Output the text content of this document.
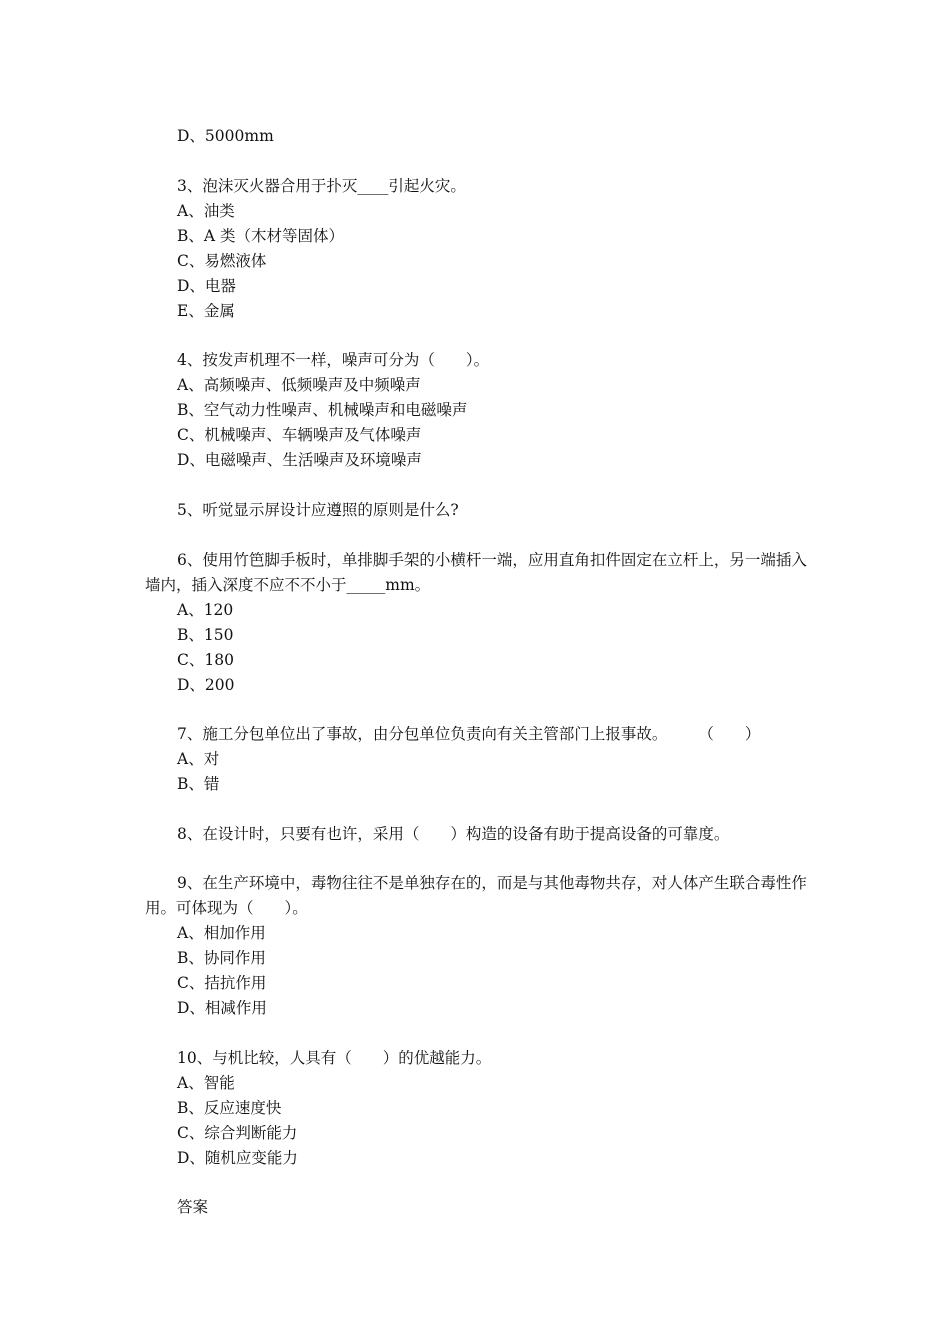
D、5000mm
3、泡沫灭火器合用于扑灭____引起火灾。
A、油类
B、A 类（木材等固体）
C、易燃液体
D、电器
E、金属
4、按发声机理不一样，噪声可分为（　　）。
A、高频噪声、低频噪声及中频噪声
B、空气动力性噪声、机械噪声和电磁噪声
C、机械噪声、车辆噪声及气体噪声
D、电磁噪声、生活噪声及环境噪声
5、听觉显示屏设计应遵照的原则是什么?
6、使用竹笆脚手板时，单排脚手架的小横杆一端，应用直角扣件固定在立杆上，另一端插入墙内，插入深度不应不不小于_____mm。
A、120
B、150
C、180
D、200
7、施工分包单位出了事故，由分包单位负责向有关主管部门上报事故。　　　（　　）
A、对
B、错
8、在设计时，只要有也许，采用（　　）构造的设备有助于提高设备的可靠度。
9、在生产环境中，毒物往往不是单独存在的，而是与其他毒物共存，对人体产生联合毒性作用。可体现为（　　）。
A、相加作用
B、协同作用
C、拮抗作用
D、相减作用
10、与机比较，人具有（　　）的优越能力。
A、智能
B、反应速度快
C、综合判断能力
D、随机应变能力
答案
